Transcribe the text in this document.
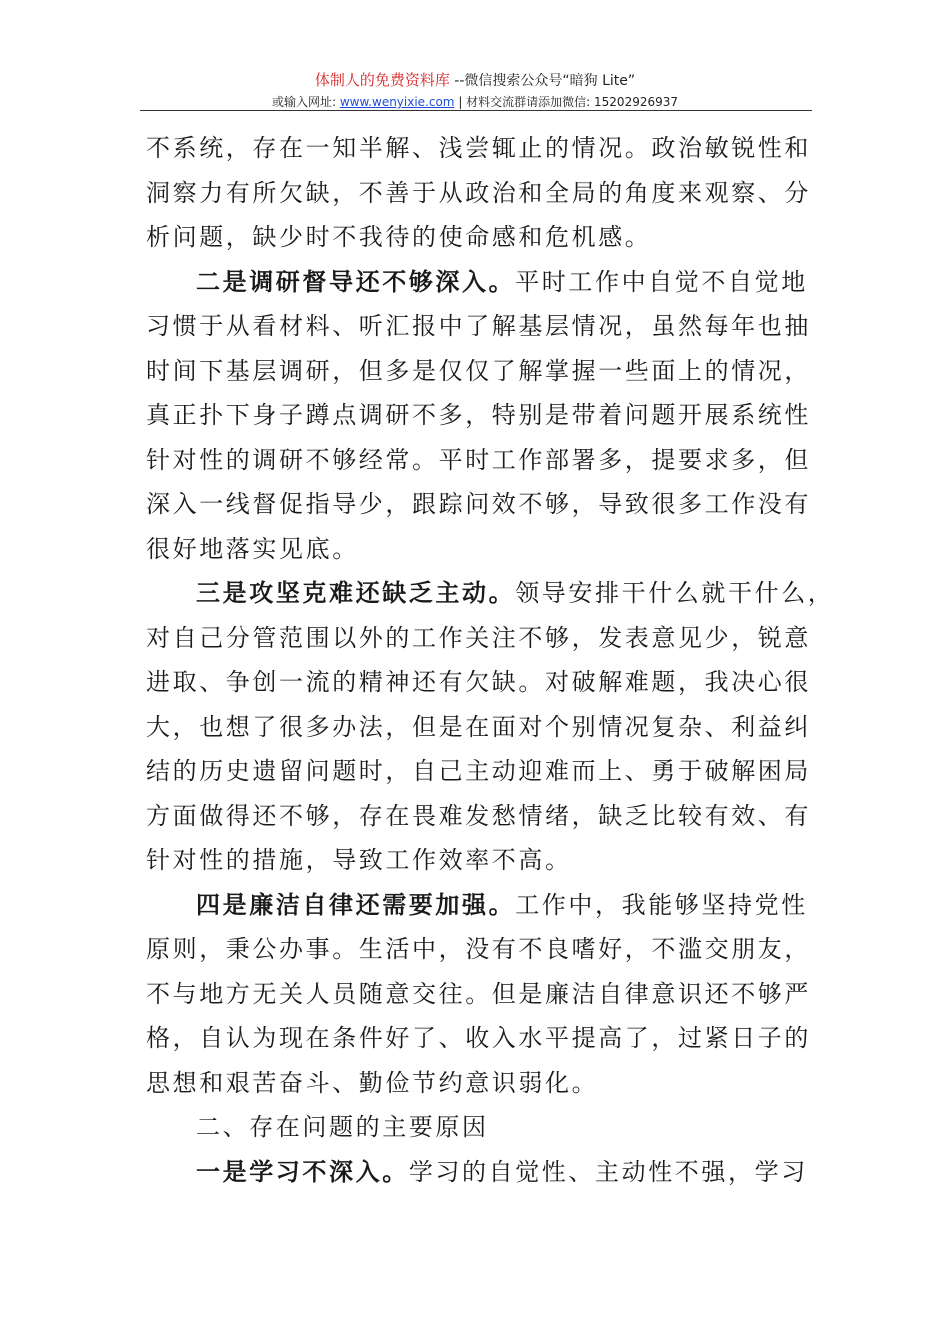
体制人的免费资料库 --微信搜索公众号“暗狗 Lite”
或输入网址: www.wenyixie.com | 材料交流群请添加微信: 15202926937

不系统，存在一知半解、浅尝辄止的情况。政治敏锐性和
洞察力有所欠缺，不善于从政治和全局的角度来观察、分
析问题，缺少时不我待的使命感和危机感。

二是调研督导还不够深入。平时工作中自觉不自觉地
习惯于从看材料、听汇报中了解基层情况，虽然每年也抽
时间下基层调研，但多是仅仅了解掌握一些面上的情况，
真正扑下身子蹲点调研不多，特别是带着问题开展系统性
针对性的调研不够经常。平时工作部署多，提要求多，但
深入一线督促指导少，跟踪问效不够，导致很多工作没有
很好地落实见底。

三是攻坚克难还缺乏主动。领导安排干什么就干什么，
对自己分管范围以外的工作关注不够，发表意见少，锐意
进取、争创一流的精神还有欠缺。对破解难题，我决心很
大，也想了很多办法，但是在面对个别情况复杂、利益纠
结的历史遗留问题时，自己主动迎难而上、勇于破解困局
方面做得还不够，存在畏难发愁情绪，缺乏比较有效、有
针对性的措施，导致工作效率不高。

四是廉洁自律还需要加强。工作中，我能够坚持党性
原则，秉公办事。生活中，没有不良嗜好，不滥交朋友，
不与地方无关人员随意交往。但是廉洁自律意识还不够严
格，自认为现在条件好了、收入水平提高了，过紧日子的
思想和艰苦奋斗、勤俭节约意识弱化。

二、存在问题的主要原因

一是学习不深入。学习的自觉性、主动性不强，学习
